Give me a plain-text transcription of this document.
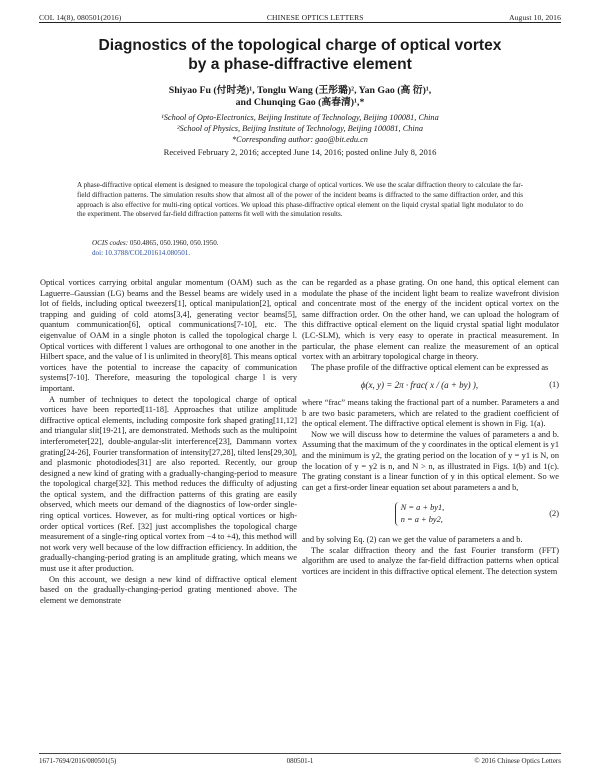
COL 14(8), 080501(2016)	CHINESE OPTICS LETTERS	August 10, 2016
Diagnostics of the topological charge of optical vortex
by a phase-diffractive element
Shiyao Fu (付时尧)¹, Tonglu Wang (王彤璐)², Yan Gao (高 衍)¹,
and Chunqing Gao (高春清)¹,*
¹School of Opto-Electronics, Beijing Institute of Technology, Beijing 100081, China
²School of Physics, Beijing Institute of Technology, Beijing 100081, China
*Corresponding author: gao@bit.edu.cn
Received February 2, 2016; accepted June 14, 2016; posted online July 8, 2016
A phase-diffractive optical element is designed to measure the topological charge of optical vortices. We use the scalar diffraction theory to calculate the far-field diffraction patterns. The simulation results show that almost all of the power of the incident beams is diffracted to the same diffraction order, and this approach is also effective for multi-ring optical vortices. We upload this phase-diffractive optical element on the liquid crystal spatial light modulator to do the experiment. The observed far-field diffraction patterns fit well with the simulation results.
OCIS codes: 050.4865, 050.1960, 050.1950.
doi: 10.3788/COL201614.080501.

Optical vortices carrying orbital angular momentum (OAM) such as the Laguerre–Gaussian (LG) beams and the Bessel beams are widely used in a lot of fields, including optical tweezers[1], optical manipulation[2], optical trapping and guiding of cold atoms[3,4], generating vector beams[5], quantum communication[6], optical communications[7-10], etc. The eigenvalue of OAM in a single photon is called the topological charge l. Optical vortices with different l values are orthogonal to one another in the Hilbert space, and the value of l is unlimited in theory[8]. This means optical vortices have the potential to increase the capacity of communication systems[7-10]. Therefore, measuring the topological charge l is very important.

A number of techniques to detect the topological charge of optical vortices have been reported[11-18]. Approaches that utilize amplitude diffractive optical elements, including composite fork shaped grating[11,12] and triangular slit[19-21], are demonstrated. Methods such as the multipoint interferometer[22], double-angular-slit interference[23], Dammann vortex grating[24-26], Fourier transformation of intensity[27,28], tilted lens[29,30], and plasmonic photodiodes[31] are also reported. Recently, our group designed a new kind of grating with a gradually-changing-period to measure the topological charge[32]. This method reduces the difficulty of adjusting the optical system, and the diffraction patterns of this grating are easily observed, which meets our demand of the diagnostics of low-order single-ring optical vortices. However, as for multi-ring optical vortices or high-order optical vortices (Ref. [32] just accomplishes the topological charge measurement of a single-ring optical vortex from −4 to +4), this method will not work very well because of the low diffraction efficiency. In addition, the gradually-changing-period grating is an amplitude grating, which means we must use it after production.

On this account, we design a new kind of diffractive optical element based on the gradually-changing-period grating mentioned above. The element we demonstrate

can be regarded as a phase grating. On one hand, this optical element can modulate the phase of the incident light beam to realize wavefront division and concentrate most of the energy of the incident optical vortex on the same diffraction order. On the other hand, we can upload the hologram of this diffractive optical element on the liquid crystal spatial light modulator (LC-SLM), which is very easy to operate in practical measurement. In particular, the phase element can realize the measurement of an optical vortex with an arbitrary topological charge in theory.

The phase profile of the diffractive optical element can be expressed as

ϕ(x, y) = 2π · frac( x / (a + by) ),	(1)

where “frac” means taking the fractional part of a number. Parameters a and b are two basic parameters, which are related to the gradient coefficient of the optical element. The diffractive optical element is shown in Fig. 1(a).

Now we will discuss how to determine the values of parameters a and b. Assuming that the maximum of the y coordinates in the optical element is y1 and the minimum is y2, the grating period on the location of y = y1 is N, on the location of y = y2 is n, and N > n, as illustrated in Figs. 1(b) and 1(c). The grating constant is a linear function of y in this optical element. So we can get a first-order linear equation set about parameters a and b,

N = a + by1,
n = a + by2,
(2)

and by solving Eq. (2) can we get the value of parameters a and b.

The scalar diffraction theory and the fast Fourier transform (FFT) algorithm are used to analyze the far-field diffraction patterns when optical vortices are incident in this diffractive optical element. The detection system

1671-7694/2016/080501(5)	080501-1	© 2016 Chinese Optics Letters
